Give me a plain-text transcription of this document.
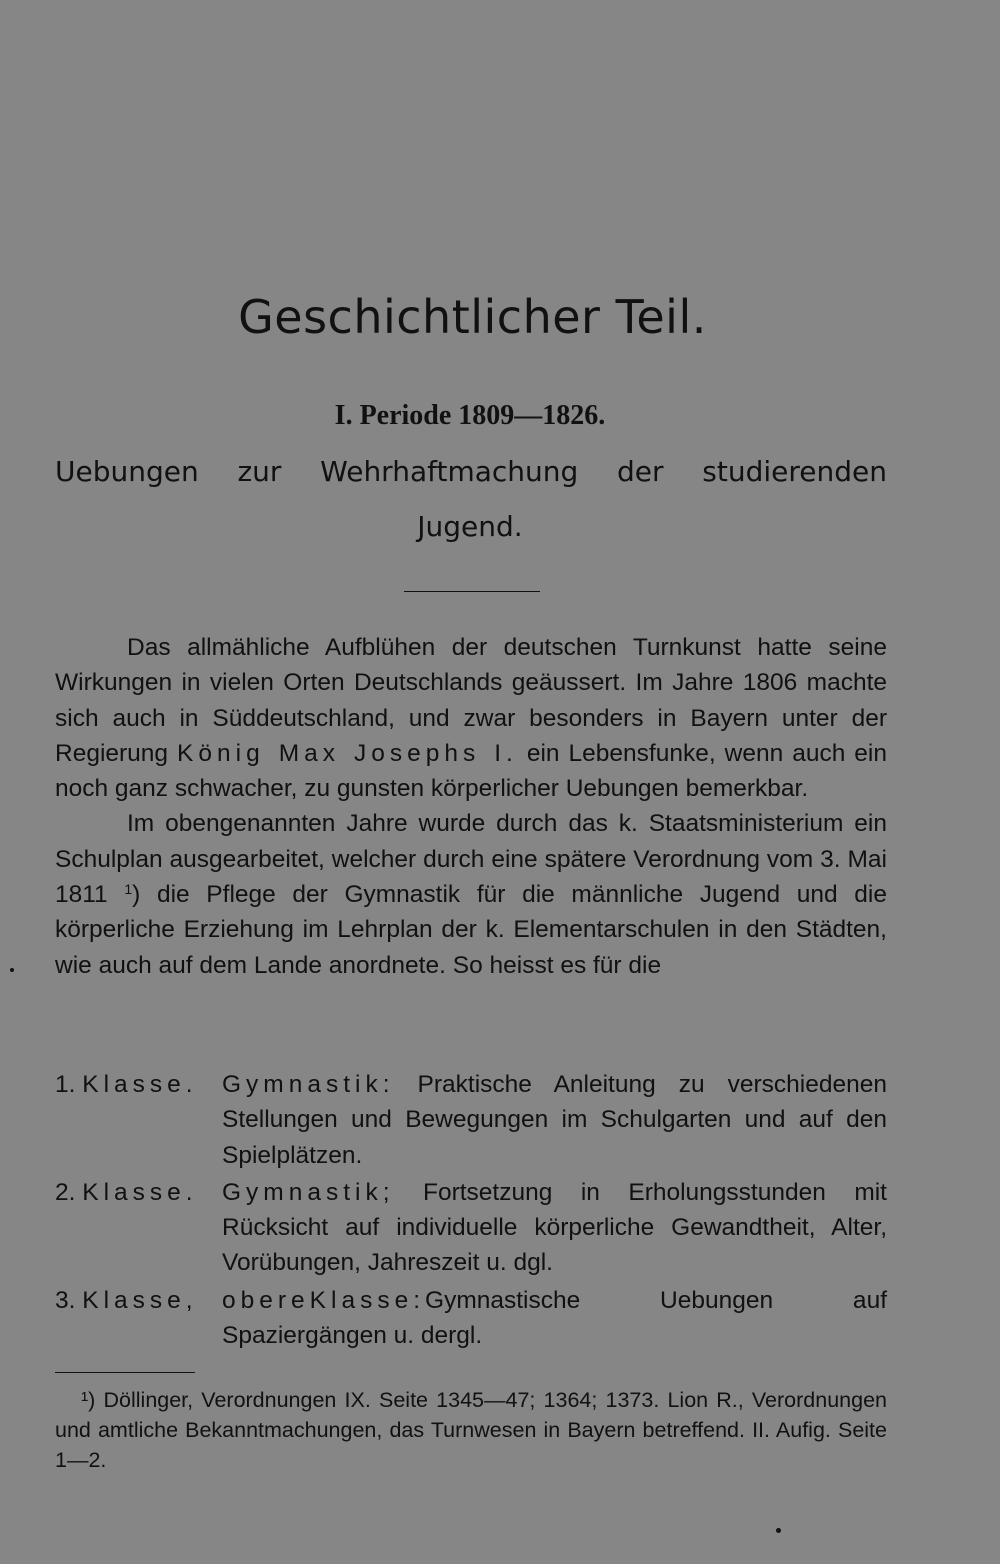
Geschichtlicher Teil.
I. Periode 1809—1826.
Uebungen zur Wehrhaftmachung der studierenden
Jugend.

Das allmähliche Aufblühen der deutschen Turnkunst hatte seine Wirkungen in vielen Orten Deutschlands geäussert. Im Jahre 1806 machte sich auch in Süddeutschland, und zwar besonders in Bayern unter der Regierung König Max Josephs I. ein Lebensfunke, wenn auch ein noch ganz schwacher, zu gunsten körperlicher Uebungen bemerkbar.

Im obengenannten Jahre wurde durch das k. Staatsministerium ein Schulplan ausgearbeitet, welcher durch eine spätere Verordnung vom 3. Mai 1811 $^1$) die Pflege der Gymnastik für die männliche Jugend und die körperliche Erziehung im Lehrplan der k. Elementarschulen in den Städten, wie auch auf dem Lande anordnete. So heisst es für die

1. Klasse. Gymnastik: Praktische Anleitung zu verschiedenen Stellungen und Bewegungen im Schulgarten und auf den Spielplätzen.
2. Klasse. Gymnastik; Fortsetzung in Erholungsstunden mit Rücksicht auf individuelle körperliche Gewandtheit, Alter, Vorübungen, Jahreszeit u. dgl.
3. Klasse, obereKlasse:Gymnastische Uebungen auf Spaziergängen u. dergl.
¹) Döllinger, Verordnungen IX. Seite 1345—47; 1364; 1373. Lion R., Verordnungen und amtliche Bekanntmachungen, das Turnwesen in Bayern betreffend. II. Aufig. Seite 1—2.
